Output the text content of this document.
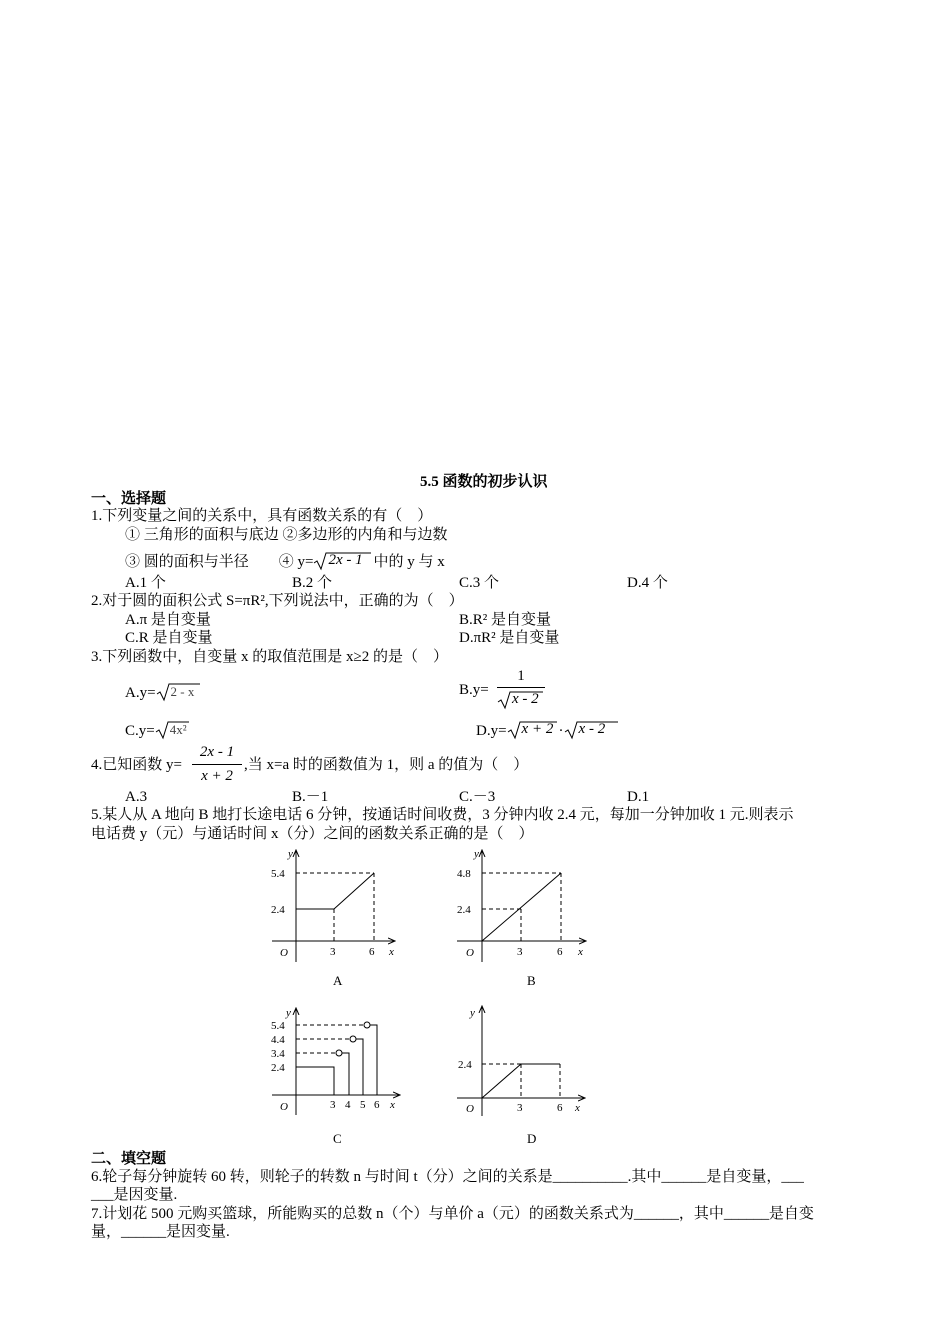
5.5 函数的初步认识
一、选择题
1.下列变量之间的关系中，具有函数关系的有（　）
① 三角形的面积与底边 ②多边形的内角和与边数
③ 圆的面积与半径　　④ y= 2x - 1 中的 y 与 x
A.1 个	B.2 个	C.3 个	D.4 个
2.对于圆的面积公式 S=πR²,下列说法中，正确的为（　）
A.π 是自变量	B.R² 是自变量
C.R 是自变量	D.πR² 是自变量
3.下列函数中，自变量 x 的取值范围是 x≥2 的是（　）
A.y= 2 - x	B.y=
1
x - 2
C.y= 4x²	D.y= x + 2 · x - 2
4.已知函数 y=
2x - 1
x + 2
,当 x=a 时的函数值为 1，则 a 的值为（　）
A.3	B.－1	C.－3	D.1
5.某人从 A 地向 B 地打长途电话 6 分钟，按通话时间收费，3 分钟内收 2.4 元，每加一分钟加收 1 元.则表示
电话费 y（元）与通话时间 x（分）之间的函数关系正确的是（　）
y
x
O
5.4
2.4
3	6
A
y
x
O
4.8
2.4
3	6
B
y
x
O
5.4
4.4
3.4
2.4
3 4 5 6
C
y
x
O
2.4
3	6
D
二、填空题
6.轮子每分钟旋转 60 转，则轮子的转数 n 与时间 t（分）之间的关系是__________.其中______是自变量，___
___是因变量.
7.计划花 500 元购买篮球，所能购买的总数 n（个）与单价 a（元）的函数关系式为______，其中______是自变
量，______是因变量.
